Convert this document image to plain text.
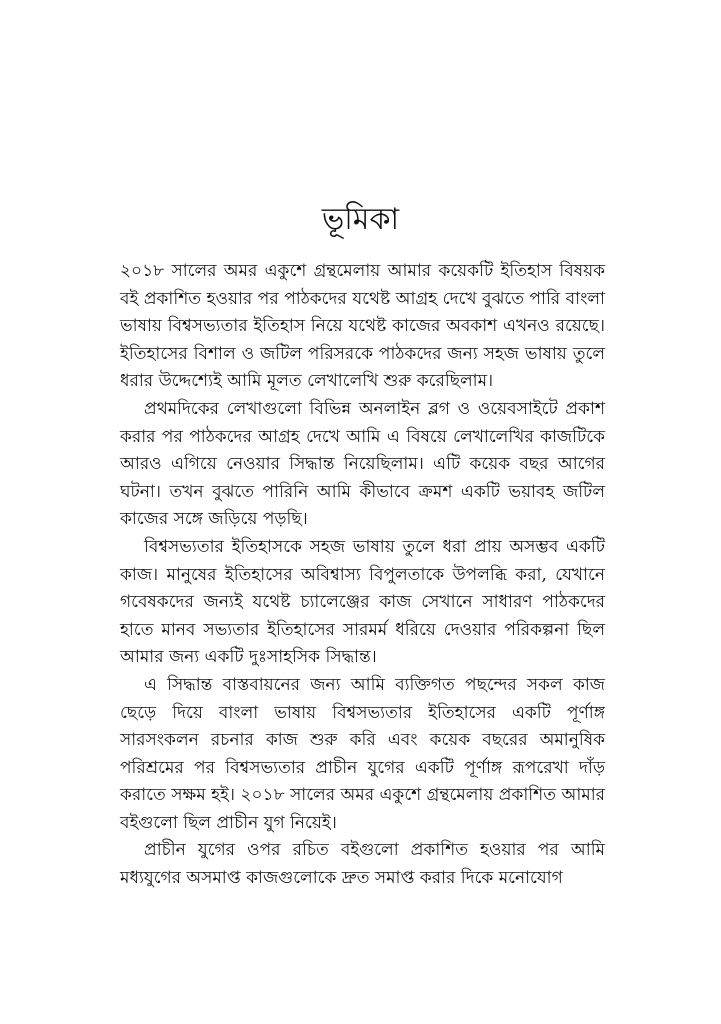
ভূমিকা

২০১৮ সালের অমর একুশে গ্রন্থমেলায় আমার কয়েকটি ইতিহাস বিষয়ক বই প্রকাশিত হওয়ার পর পাঠকদের যথেষ্ট আগ্রহ দেখে বুঝতে পারি বাংলা ভাষায় বিশ্বসভ্যতার ইতিহাস নিয়ে যথেষ্ট কাজের অবকাশ এখনও রয়েছে। ইতিহাসের বিশাল ও জটিল পরিসরকে পাঠকদের জন্য সহজ ভাষায় তুলে ধরার উদ্দেশ্যেই আমি মূলত লেখালেখি শুরু করেছিলাম।

প্রথমদিকের লেখাগুলো বিভিন্ন অনলাইন ব্লগ ও ওয়েবসাইটে প্রকাশ করার পর পাঠকদের আগ্রহ দেখে আমি এ বিষয়ে লেখালেখির কাজটিকে আরও এগিয়ে নেওয়ার সিদ্ধান্ত নিয়েছিলাম। এটি কয়েক বছর আগের ঘটনা। তখন বুঝতে পারিনি আমি কীভাবে ক্রমশ একটি ভয়াবহ জটিল কাজের সঙ্গে জড়িয়ে পড়ছি।

বিশ্বসভ্যতার ইতিহাসকে সহজ ভাষায় তুলে ধরা প্রায় অসম্ভব একটি কাজ। মানুষের ইতিহাসের অবিশ্বাস্য বিপুলতাকে উপলব্ধি করা, যেখানে গবেষকদের জন্যই যথেষ্ট চ্যালেঞ্জের কাজ সেখানে সাধারণ পাঠকদের হাতে মানব সভ্যতার ইতিহাসের সারমর্ম ধরিয়ে দেওয়ার পরিকল্পনা ছিল আমার জন্য একটি দুঃসাহসিক সিদ্ধান্ত।

এ সিদ্ধান্ত বাস্তবায়নের জন্য আমি ব্যক্তিগত পছন্দের সকল কাজ ছেড়ে দিয়ে বাংলা ভাষায় বিশ্বসভ্যতার ইতিহাসের একটি পূর্ণাঙ্গ সারসংকলন রচনার কাজ শুরু করি এবং কয়েক বছরের অমানুষিক পরিশ্রমের পর বিশ্বসভ্যতার প্রাচীন যুগের একটি পূর্ণাঙ্গ রূপরেখা দাঁড় করাতে সক্ষম হই। ২০১৮ সালের অমর একুশে গ্রন্থমেলায় প্রকাশিত আমার বইগুলো ছিল প্রাচীন যুগ নিয়েই।

প্রাচীন যুগের ওপর রচিত বইগুলো প্রকাশিত হওয়ার পর আমি মধ্যযুগের অসমাপ্ত কাজগুলোকে দ্রুত সমাপ্ত করার দিকে মনোযোগ
